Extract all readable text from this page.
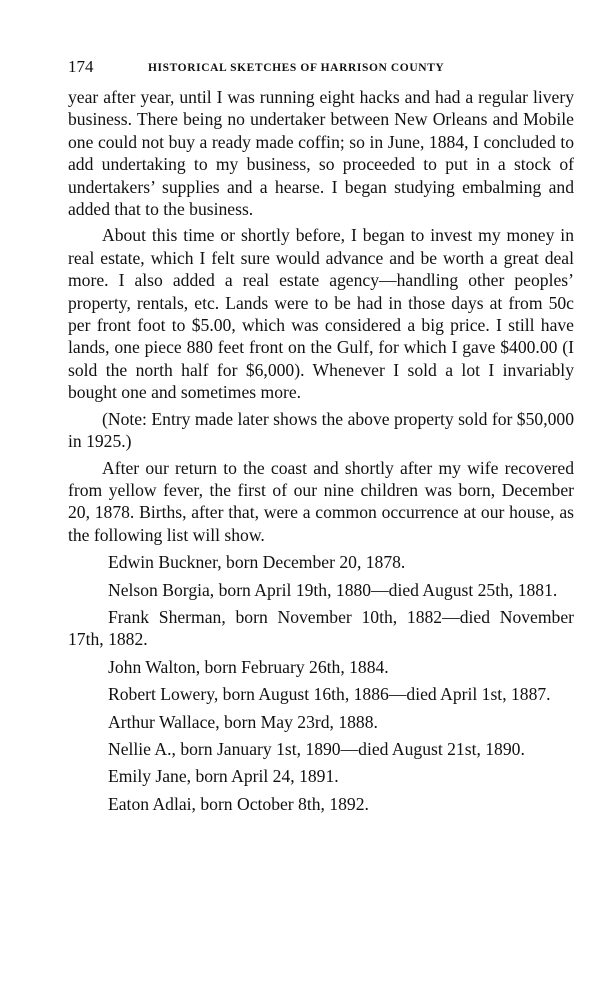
174	HISTORICAL SKETCHES OF HARRISON COUNTY

year after year, until I was running eight hacks and had a regular livery business. There being no undertaker between New Orleans and Mobile one could not buy a ready made coffin; so in June, 1884, I concluded to add undertaking to my business, so proceeded to put in a stock of undertakers’ supplies and a hearse. I began studying embalming and added that to the business.

About this time or shortly before, I began to invest my money in real estate, which I felt sure would advance and be worth a great deal more. I also added a real estate agency—handling other peoples’ property, rentals, etc. Lands were to be had in those days at from 50c per front foot to $5.00, which was considered a big price. I still have lands, one piece 880 feet front on the Gulf, for which I gave $400.00 (I sold the north half for $6,000). Whenever I sold a lot I invariably bought one and sometimes more.

(Note: Entry made later shows the above property sold for $50,000 in 1925.)

After our return to the coast and shortly after my wife recovered from yellow fever, the first of our nine children was born, December 20, 1878. Births, after that, were a common occurrence at our house, as the following list will show.

Edwin Buckner, born December 20, 1878.

Nelson Borgia, born April 19th, 1880—died August 25th, 1881.

Frank Sherman, born November 10th, 1882—died November 17th, 1882.

John Walton, born February 26th, 1884.

Robert Lowery, born August 16th, 1886—died April 1st, 1887.

Arthur Wallace, born May 23rd, 1888.

Nellie A., born January 1st, 1890—died August 21st, 1890.

Emily Jane, born April 24, 1891.

Eaton Adlai, born October 8th, 1892.
